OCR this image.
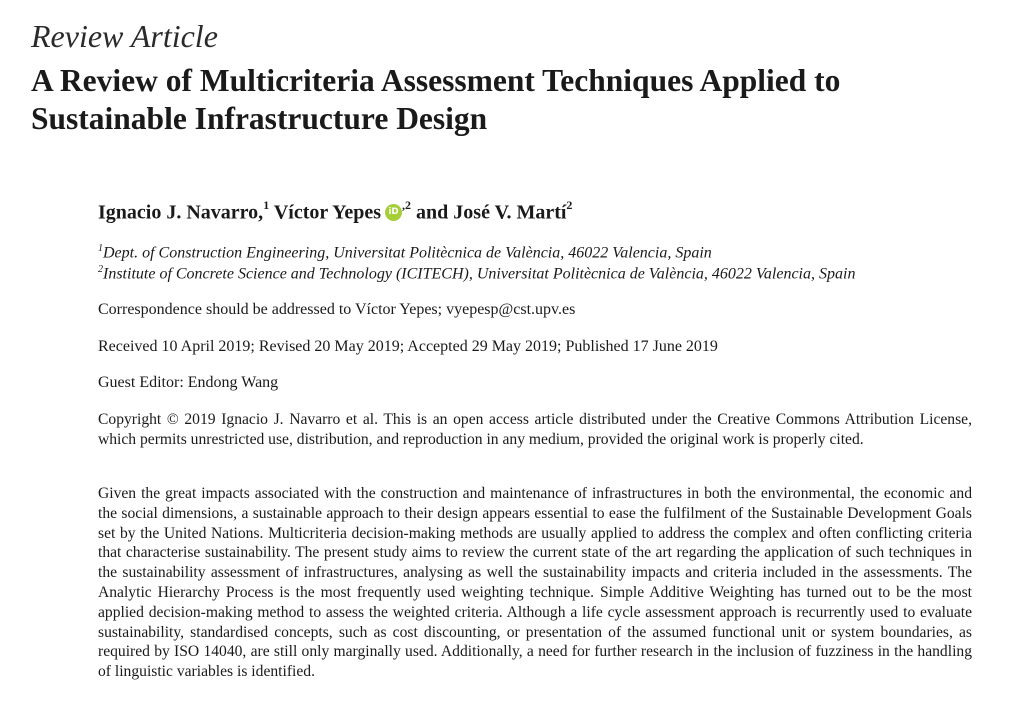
Review Article
A Review of Multicriteria Assessment Techniques Applied to Sustainable Infrastructure Design
Ignacio J. Navarro,$^1$ Víctor Yepes iD $^{,2}$ and José V. Martí$^2$
$^1$Dept. of Construction Engineering, Universitat Politècnica de València, 46022 Valencia, Spain
$^2$Institute of Concrete Science and Technology (ICITECH), Universitat Politècnica de València, 46022 Valencia, Spain
Correspondence should be addressed to Víctor Yepes; vyepesp@cst.upv.es
Received 10 April 2019; Revised 20 May 2019; Accepted 29 May 2019; Published 17 June 2019
Guest Editor: Endong Wang

Copyright © 2019 Ignacio J. Navarro et al. This is an open access article distributed under the Creative Commons Attribution License, which permits unrestricted use, distribution, and reproduction in any medium, provided the original work is properly cited.

Given the great impacts associated with the construction and maintenance of infrastructures in both the environmental, the economic and the social dimensions, a sustainable approach to their design appears essential to ease the fulfilment of the Sustainable Development Goals set by the United Nations. Multicriteria decision-making methods are usually applied to address the complex and often conflicting criteria that characterise sustainability. The present study aims to review the current state of the art regarding the application of such techniques in the sustainability assessment of infrastructures, analysing as well the sustainability impacts and criteria included in the assessments. The Analytic Hierarchy Process is the most frequently used weighting technique. Simple Additive Weighting has turned out to be the most applied decision-making method to assess the weighted criteria. Although a life cycle assessment approach is recurrently used to evaluate sustainability, standardised concepts, such as cost discounting, or presentation of the assumed functional unit or system boundaries, as required by ISO 14040, are still only marginally used. Additionally, a need for further research in the inclusion of fuzziness in the handling of linguistic variables is identified.
